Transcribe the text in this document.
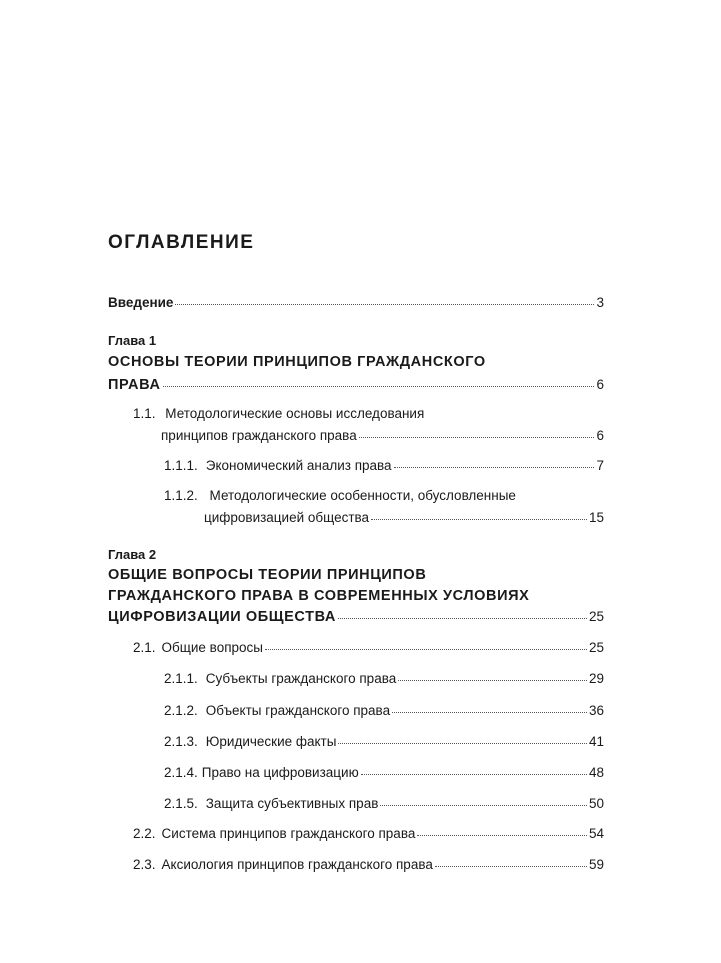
ОГЛАВЛЕНИЕ
Введение	3
Глава 1
ОСНОВЫ ТЕОРИИ ПРИНЦИПОВ ГРАЖДАНСКОГО
ПРАВА	6
1.1. Методологические основы исследования
принципов гражданского права	6
1.1.1. Экономический анализ права	7
1.1.2. Методологические особенности, обусловленные
цифровизацией общества	15
Глава 2
ОБЩИЕ ВОПРОСЫ ТЕОРИИ ПРИНЦИПОВ
ГРАЖДАНСКОГО ПРАВА В СОВРЕМЕННЫХ УСЛОВИЯХ
ЦИФРОВИЗАЦИИ ОБЩЕСТВА	25
2.1. Общие вопросы	25
2.1.1. Субъекты гражданского права	29
2.1.2. Объекты гражданского права	36
2.1.3. Юридические факты	41
2.1.4. Право на цифровизацию	48
2.1.5. Защита субъективных прав	50
2.2. Система принципов гражданского права	54
2.3. Аксиология принципов гражданского права	59
